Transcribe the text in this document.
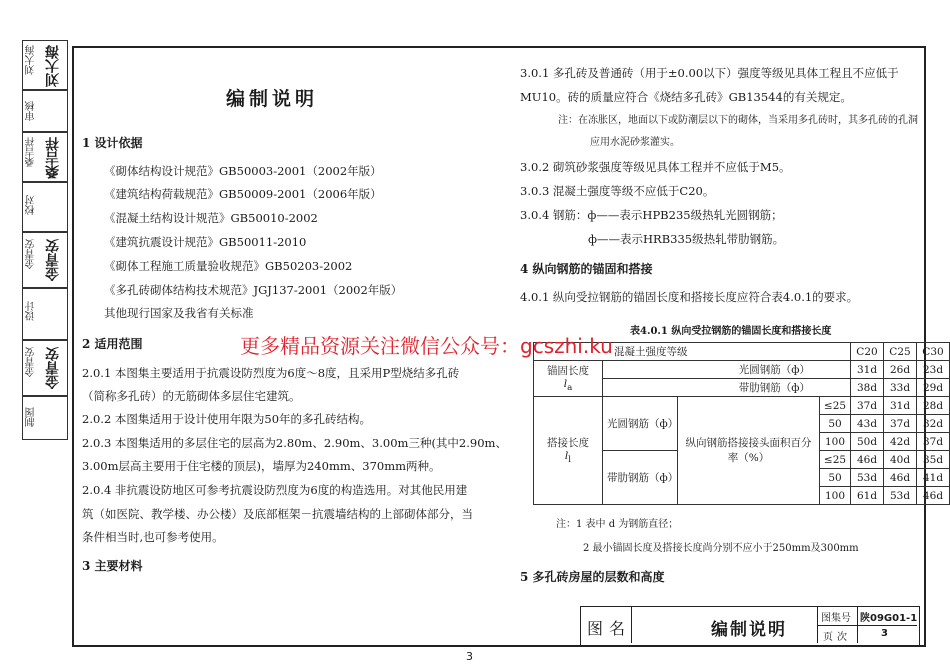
刘大海 刘大海
审核
桑吉祥 桑吉祥
校对
金青安 金青安
设计
金青安 金青安
制图
编制说明
1 设计依据
《砌体结构设计规范》GB50003-2001（2002年版）
《建筑结构荷载规范》GB50009-2001（2006年版）
《混凝土结构设计规范》GB50010-2002
《建筑抗震设计规范》GB50011-2010
《砌体工程施工质量验收规范》GB50203-2002
《多孔砖砌体结构技术规范》JGJ137-2001（2002年版）
其他现行国家及我省有关标准
2 适用范围
2.0.1 本图集主要适用于抗震设防烈度为6度～8度，且采用P型烧结多孔砖
（简称多孔砖）的无筋砌体多层住宅建筑。
2.0.2 本图集适用于设计使用年限为50年的多孔砖结构。
2.0.3 本图集适用的多层住宅的层高为2.80m、2.90m、3.00m三种(其中2.90m、
3.00m层高主要用于住宅楼的顶层)，墙厚为240mm、370mm两种。
2.0.4 非抗震设防地区可参考抗震设防烈度为6度的构造选用。对其他民用建
筑（如医院、教学楼、办公楼）及底部框架－抗震墙结构的上部砌体部分，当
条件相当时,也可参考使用。
3 主要材料
3.0.1 多孔砖及普通砖（用于±0.00以下）强度等级见具体工程且不应低于
MU10。砖的质量应符合《烧结多孔砖》GB13544的有关规定。
注：在冻胀区，地面以下或防潮层以下的砌体，当采用多孔砖时，其多孔砖的孔洞
应用水泥砂浆灌实。
3.0.2 砌筑砂浆强度等级见具体工程并不应低于M5。
3.0.3 混凝土强度等级不应低于C20。
3.0.4 钢筋：ф——表示HPB235级热轧光圆钢筋；
ф——表示HRB335级热轧带肋钢筋。
4 纵向钢筋的锚固和搭接
4.0.1 纵向受拉钢筋的锚固长度和搭接长度应符合表4.0.1的要求。
表4.0.1 纵向受拉钢筋的锚固长度和搭接长度
混凝土强度等级				C20	C25	C30

锚固长度
$l_a$	光圆钢筋（ф）			31d	26d	23d
	带肋钢筋（ф）			38d	33d	29d

搭接长度
$l_l$	光圆钢筋（ф）	纵向钢筋搭接接头面积百分率（%）	≤25	37d	31d	28d
			50	43d	37d	32d
			100	50d	42d	37d
	带肋钢筋（ф）		≤25	46d	40d	35d
			50	53d	46d	41d
			100	61d	53d	46d
注：1 表中 d 为钢筋直径；
2 最小锚固长度及搭接长度尚分别不应小于250mm及300mm
5 多孔砖房屋的层数和高度
更多精品资源关注微信公众号：gcszhi.ku
图名	编制说明
图集号 陕09G01-1
页次	3
3
